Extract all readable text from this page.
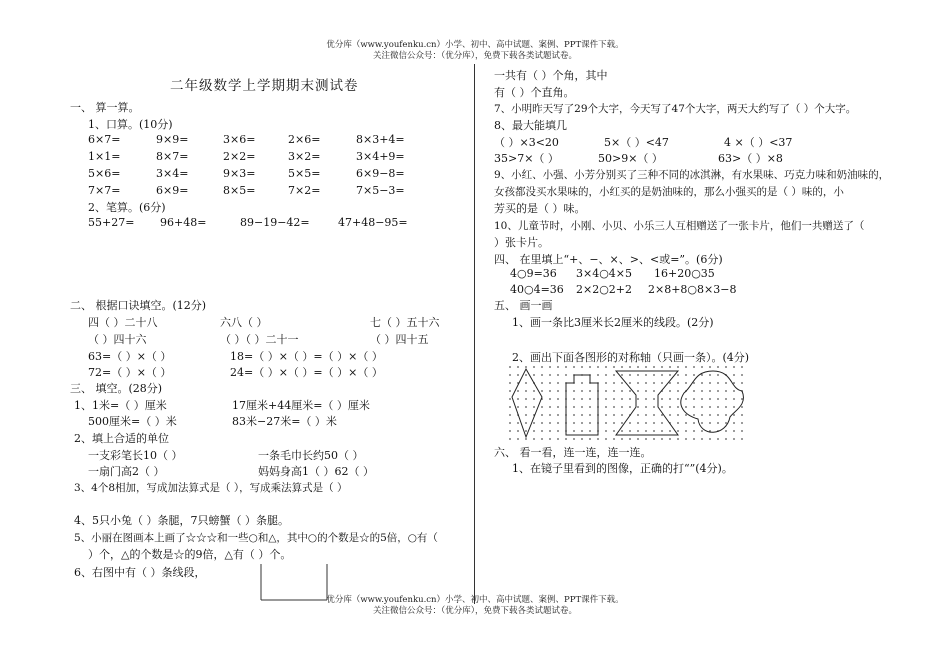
优分库（www.youfenku.cn）小学、初中、高中试题、案例、PPT课件下载。
关注微信公众号：（优分库），免费下载各类试题试卷。
二年级数学上学期期末测试卷
一、 算一算。
1、口算。(10分)
6×7=	9×9=	3×6=	2×6=	8×3+4=
1×1=	8×7=	2×2=	3×2=	3×4+9=
5×6=	3×4=	9×3=	5×5=	6×9−8=
7×7=	6×9=	8×5=	7×2=	7×5−3=
2、笔算。(6分)
55+27= 96+48=	89−19−42=	47+48−95=
二、 根据口诀填空。(12分)
四（ ）二十八	六八（ ）	七（ ）五十六
（ ）四十六	（ ）（ ）二十一	（ ）四十五
63=（ ）×（ ）	18=（ ）×（ ）=（ ）×（ ）
72=（ ）×（ ）	24=（ ）×（ ）=（ ）×（ ）
三、 填空。(28分)
1、1米=（ ）厘米	17厘米+44厘米=（ ）厘米
500厘米=（ ）米	83米−27米=（ ）米
2、填上合适的单位
一支彩笔长10（ ）	一条毛巾长约50（ ）
一扇门高2（ ）	妈妈身高1（ ）62（ ）
3、4个8相加，写成加法算式是（ ），写成乘法算式是（ ）
4、5只小兔（ ）条腿，7只螃蟹（ ）条腿。
5、小丽在图画本上画了☆☆☆和一些○和△，其中○的个数是☆的5倍，○有（
）个，△的个数是☆的9倍，△有（ ）个。
6、右图中有（ ）条线段，
一共有（ ）个角，其中
有（ ）个直角。
7、小明昨天写了29个大字，今天写了47个大字，两天大约写了（ ）个大字。
8、最大能填几
（ ）×3<20	5×（ ）<47	4 ×（ ）<37
35>7×（ ）	50>9×（ ）	63>（ ）×8
9、小红、小强、小芳分别买了三种不同的冰淇淋，有水果味、巧克力味和奶油味的，
女孩都没买水果味的，小红买的是奶油味的，那么小强买的是（ ）味的，小
芳买的是（ ）味。
10、儿童节时，小刚、小贝、小乐三人互相赠送了一张卡片，他们一共赠送了（
）张卡片。
四、 在里填上“+、−、×、>、<或=”。(6分)
4○9=36 3×4○4×5 16+20○35
40○4=36 2×2○2+2 2×8+8○8×3−8
五、 画一画
1、画一条比3厘米长2厘米的线段。(2分)
2、画出下面各图形的对称轴（只画一条）。(4分)
六、 看一看，连一连，连一连。
1、在镜子里看到的图像，正确的打“”(4分)。
优分库（www.youfenku.cn）小学、初中、高中试题、案例、PPT课件下载。
关注微信公众号：（优分库），免费下载各类试题试卷。
